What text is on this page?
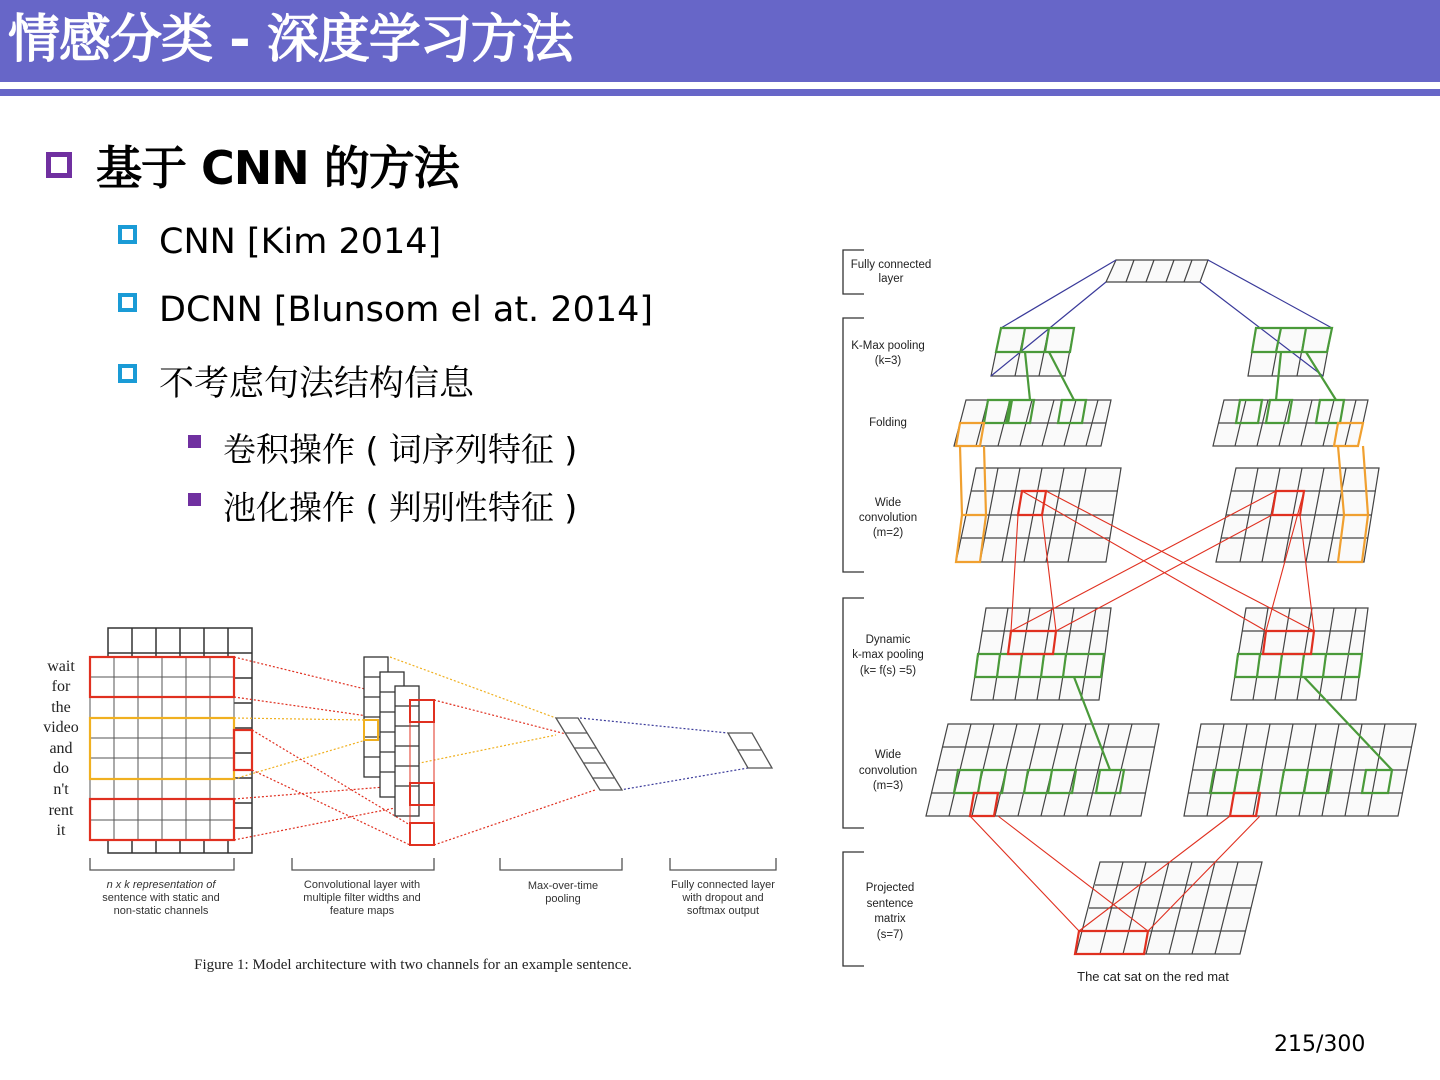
情感分类 - 深度学习方法
基于 CNN 的方法
CNN [Kim 2014]
DCNN [Blunsom el at. 2014]
不考虑句法结构信息
卷积操作 ( 词序列特征 )
池化操作 ( 判别性特征 )
wait
for
the
video
and
do
n't
rent
it
n x k representation of
sentence with static and
non-static channels
Convolutional layer with
multiple filter widths and
feature maps
Max-over-time
pooling
Fully connected layer
with dropout and
softmax output
Figure 1: Model architecture with two channels for an example sentence.
Fully connected
layer
K-Max pooling
(k=3)
Folding
Wide
convolution
(m=2)
Dynamic
k-max pooling
(k= f(s) =5)
Wide
convolution
(m=3)
Projected
sentence
matrix
(s=7)
The cat sat on the red mat
215/300
